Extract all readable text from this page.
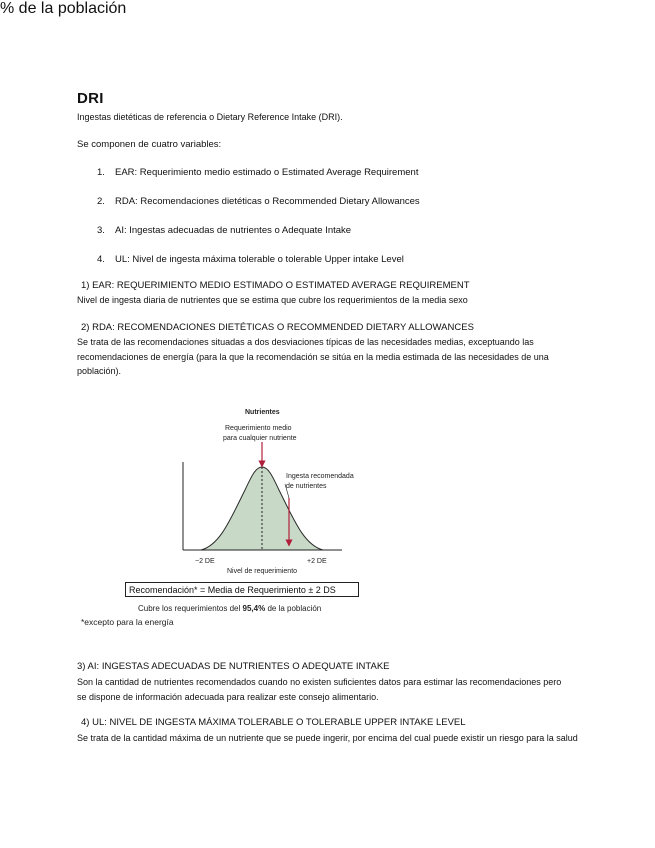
DRI
Ingestas dietéticas de referencia o Dietary Reference Intake (DRI).
Se componen de cuatro variables:
1. EAR: Requerimiento medio estimado o Estimated Average Requirement
2. RDA: Recomendaciones dietéticas o Recommended Dietary Allowances
3. AI: Ingestas adecuadas de nutrientes o Adequate Intake
4. UL: Nivel de ingesta máxima tolerable o tolerable Upper intake Level
1) EAR: REQUERIMIENTO MEDIO ESTIMADO O ESTIMATED AVERAGE REQUIREMENT
Nivel de ingesta diaria de nutrientes que se estima que cubre los requerimientos de la media sexo
2) RDA: RECOMENDACIONES DIETÉTICAS O RECOMMENDED DIETARY ALLOWANCES
Se trata de las recomendaciones situadas a dos desviaciones típicas de las necesidades medias, exceptuando las recomendaciones de energía (para la que la recomendación se sitúa en la media estimada de las necesidades de una población).
Nutrientes
Requerimiento medio
para cualquier nutriente
Ingesta recomendada
de nutrientes
−2 DE	+2 DE
Nivel de requerimiento
Recomendación* = Media de Requerimiento ± 2 DS
Cubre los requerimientos del 95,4% de la población
*excepto para la energía
% de la población
3) AI: INGESTAS ADECUADAS DE NUTRIENTES O ADEQUATE INTAKE
Son la cantidad de nutrientes recomendados cuando no existen suficientes datos para estimar las recomendaciones pero se dispone de información adecuada para realizar este consejo alimentario.
4) UL: NIVEL DE INGESTA MÁXIMA TOLERABLE O TOLERABLE UPPER INTAKE LEVEL
Se trata de la cantidad máxima de un nutriente que se puede ingerir, por encima del cual puede existir un riesgo para la salud
